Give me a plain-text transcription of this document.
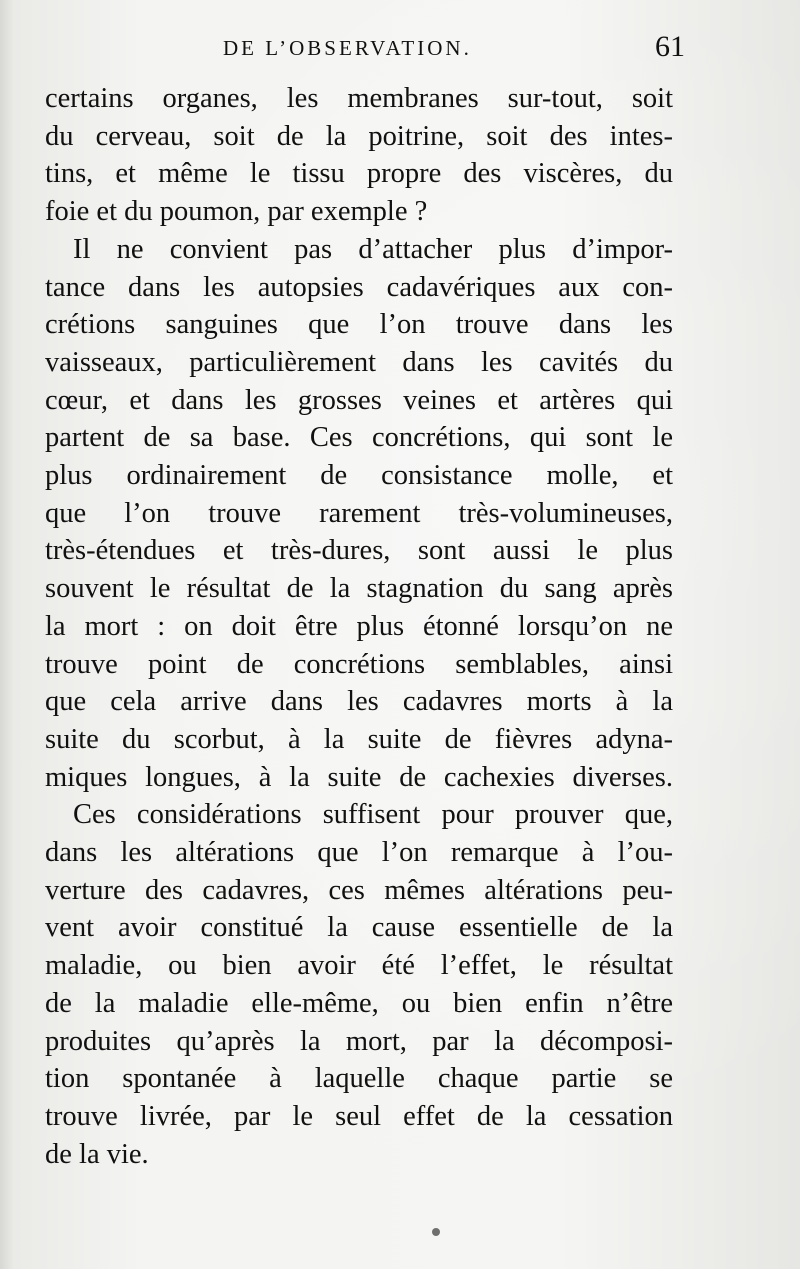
DE L’OBSERVATION.	61
certains organes, les membranes sur-tout, soit
du cerveau, soit de la poitrine, soit des intes-
tins, et même le tissu propre des viscères, du
foie et du poumon, par exemple ?
Il ne convient pas d’attacher plus d’impor-
tance dans les autopsies cadavériques aux con-
crétions sanguines que l’on trouve dans les
vaisseaux, particulièrement dans les cavités du
cœur, et dans les grosses veines et artères qui
partent de sa base. Ces concrétions, qui sont le
plus ordinairement de consistance molle, et
que l’on trouve rarement très-volumineuses,
très-étendues et très-dures, sont aussi le plus
souvent le résultat de la stagnation du sang après
la mort : on doit être plus étonné lorsqu’on ne
trouve point de concrétions semblables, ainsi
que cela arrive dans les cadavres morts à la
suite du scorbut, à la suite de fièvres adyna-
miques longues, à la suite de cachexies diverses.
Ces considérations suffisent pour prouver que,
dans les altérations que l’on remarque à l’ou-
verture des cadavres, ces mêmes altérations peu-
vent avoir constitué la cause essentielle de la
maladie, ou bien avoir été l’effet, le résultat
de la maladie elle-même, ou bien enfin n’être
produites qu’après la mort, par la décomposi-
tion spontanée à laquelle chaque partie se
trouve livrée, par le seul effet de la cessation
de la vie.
